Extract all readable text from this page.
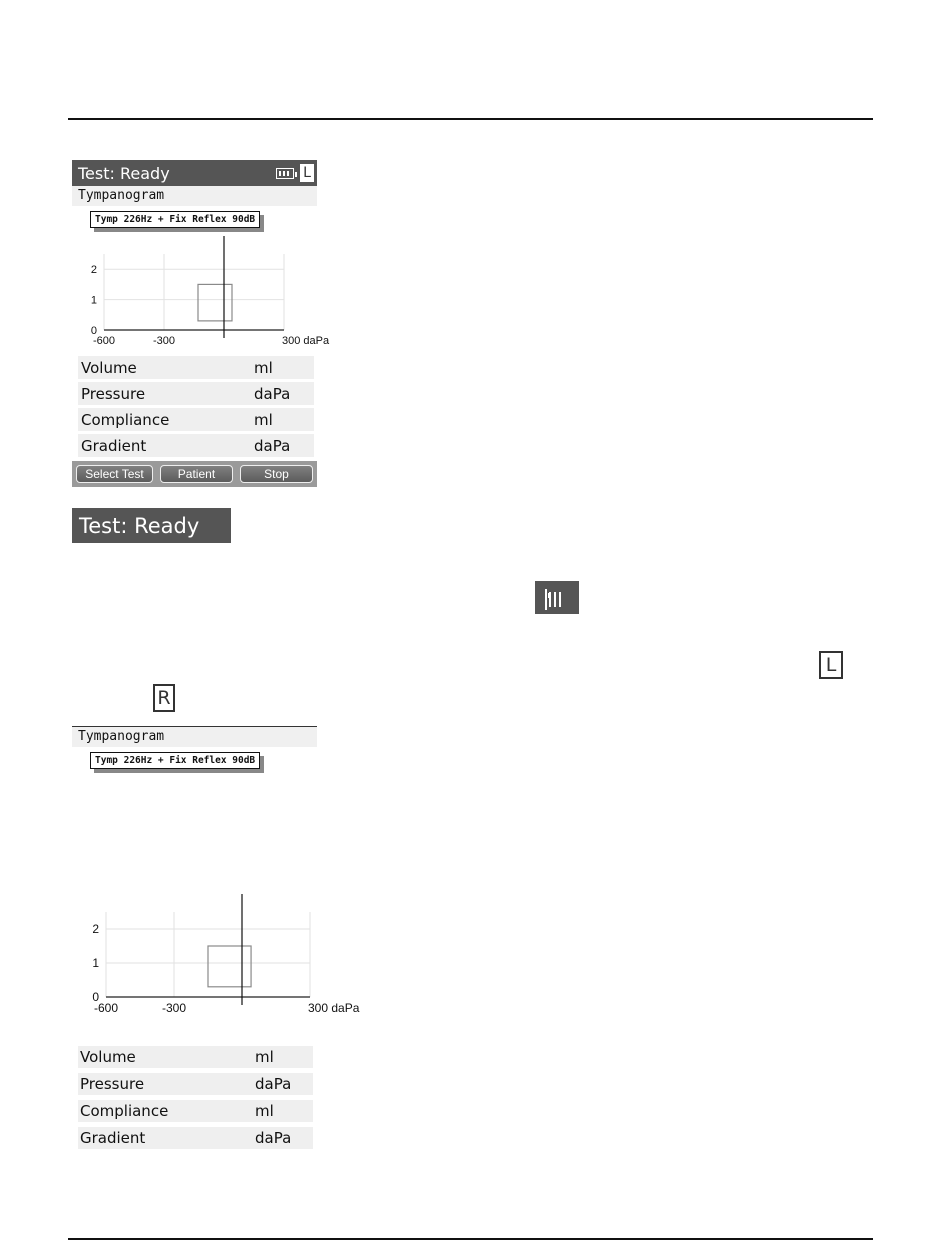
Test: Ready	L
Tympanogram
Tymp 226Hz + Fix Reflex 90dB
0
1
2
-600	-300	300 daPa
Volume	ml
Pressure	daPa
Compliance	ml
Gradient	daPa
Select Test	Patient	Stop
Test: Ready
L
R
Tympanogram
Tymp 226Hz + Fix Reflex 90dB
0
1
2
-600	-300	300 daPa
Volume	ml
Pressure	daPa
Compliance	ml
Gradient	daPa
